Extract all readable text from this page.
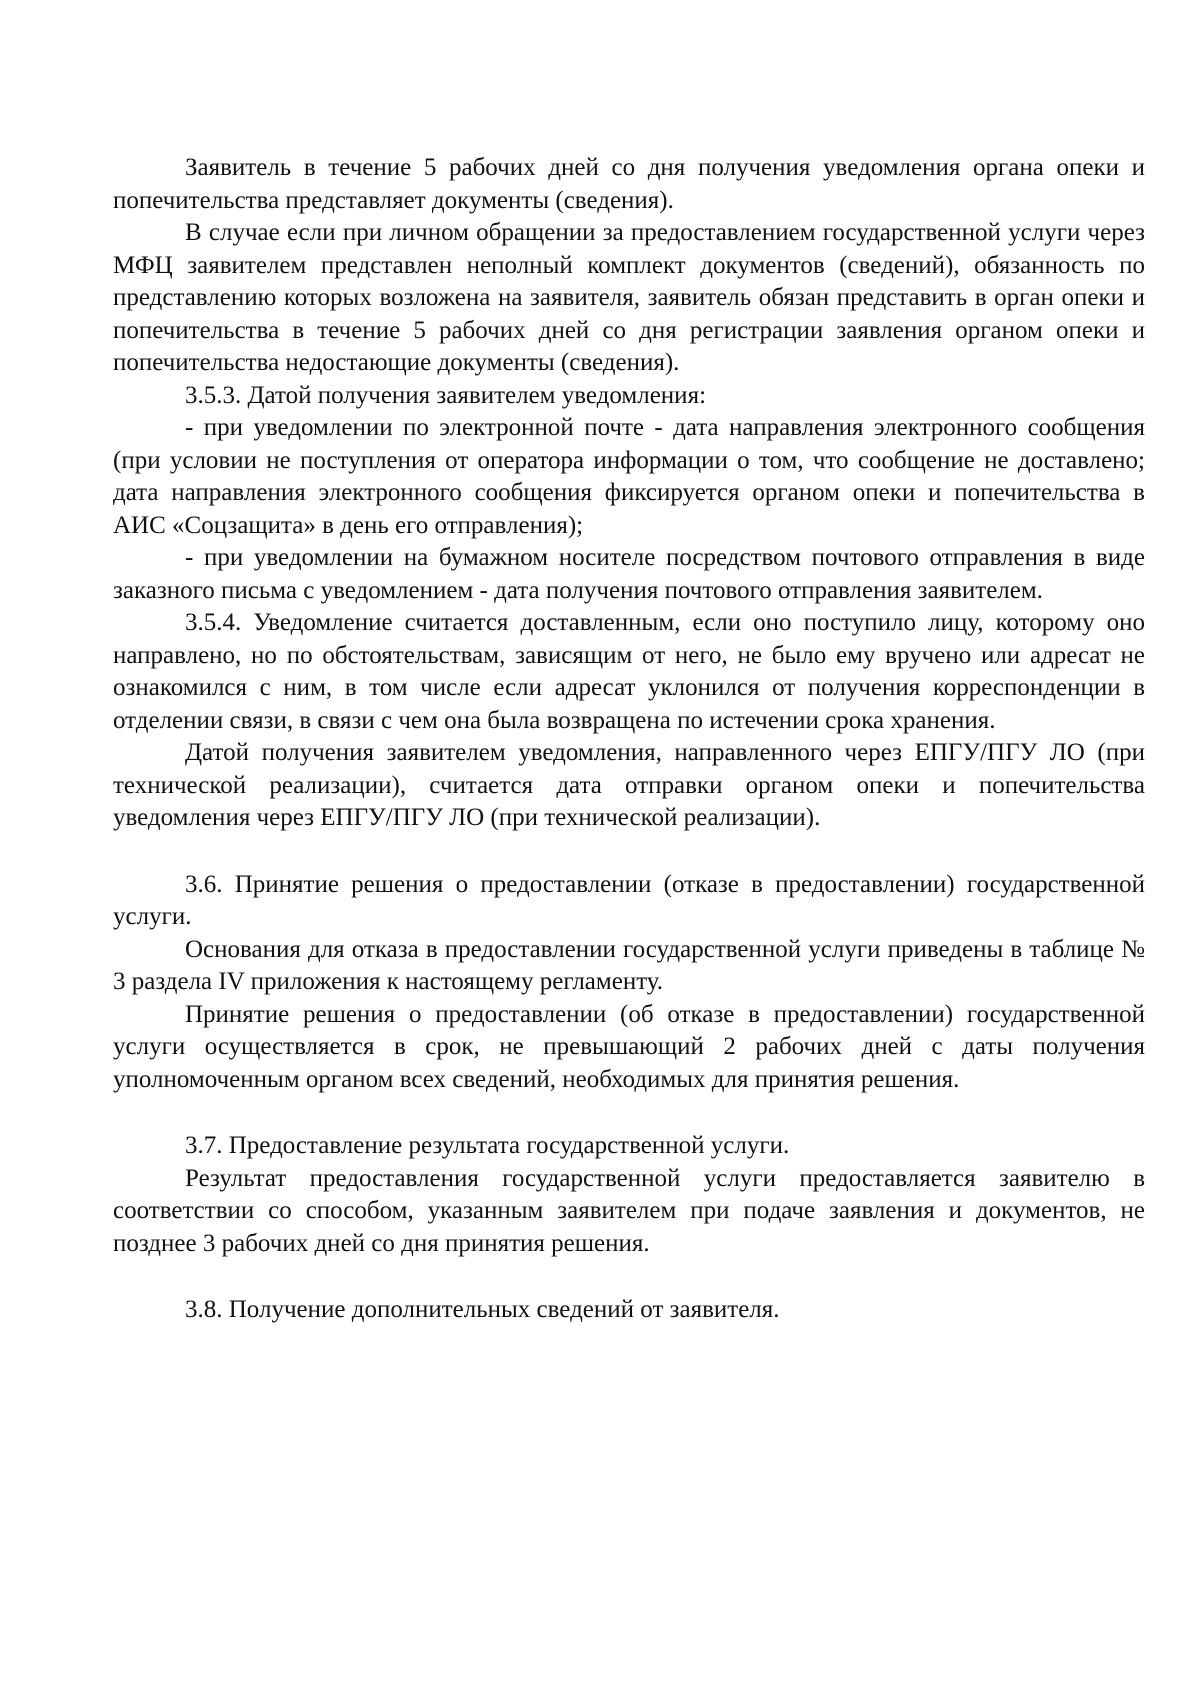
Заявитель в течение 5 рабочих дней со дня получения уведомления органа опеки и попечительства представляет документы (сведения).

В случае если при личном обращении за предоставлением государственной услуги через МФЦ заявителем представлен неполный комплект документов (сведений), обязанность по представлению которых возложена на заявителя, заявитель обязан представить в орган опеки и попечительства в течение 5 рабочих дней со дня регистрации заявления органом опеки и попечительства недостающие документы (сведения).

3.5.3. Датой получения заявителем уведомления:

- при уведомлении по электронной почте - дата направления электронного сообщения (при условии не поступления от оператора информации о том, что сообщение не доставлено; дата направления электронного сообщения фиксируется органом опеки и попечительства в АИС «Соцзащита» в день его отправления);

- при уведомлении на бумажном носителе посредством почтового отправления в виде заказного письма с уведомлением - дата получения почтового отправления заявителем.

3.5.4. Уведомление считается доставленным, если оно поступило лицу, которому оно направлено, но по обстоятельствам, зависящим от него, не было ему вручено или адресат не ознакомился с ним, в том числе если адресат уклонился от получения корреспонденции в отделении связи, в связи с чем она была возвращена по истечении срока хранения.

Датой получения заявителем уведомления, направленного через ЕПГУ/ПГУ ЛО (при технической реализации), считается дата отправки органом опеки и попечительства уведомления через ЕПГУ/ПГУ ЛО (при технической реализации).

3.6. Принятие решения о предоставлении (отказе в предоставлении) государственной услуги.

Основания для отказа в предоставлении государственной услуги приведены в таблице № 3 раздела IV приложения к настоящему регламенту.

Принятие решения о предоставлении (об отказе в предоставлении) государственной услуги осуществляется в срок, не превышающий 2 рабочих дней с даты получения уполномоченным органом всех сведений, необходимых для принятия решения.

3.7. Предоставление результата государственной услуги.

Результат предоставления государственной услуги предоставляется заявителю в соответствии со способом, указанным заявителем при подаче заявления и документов, не позднее 3 рабочих дней со дня принятия решения.

3.8. Получение дополнительных сведений от заявителя.
